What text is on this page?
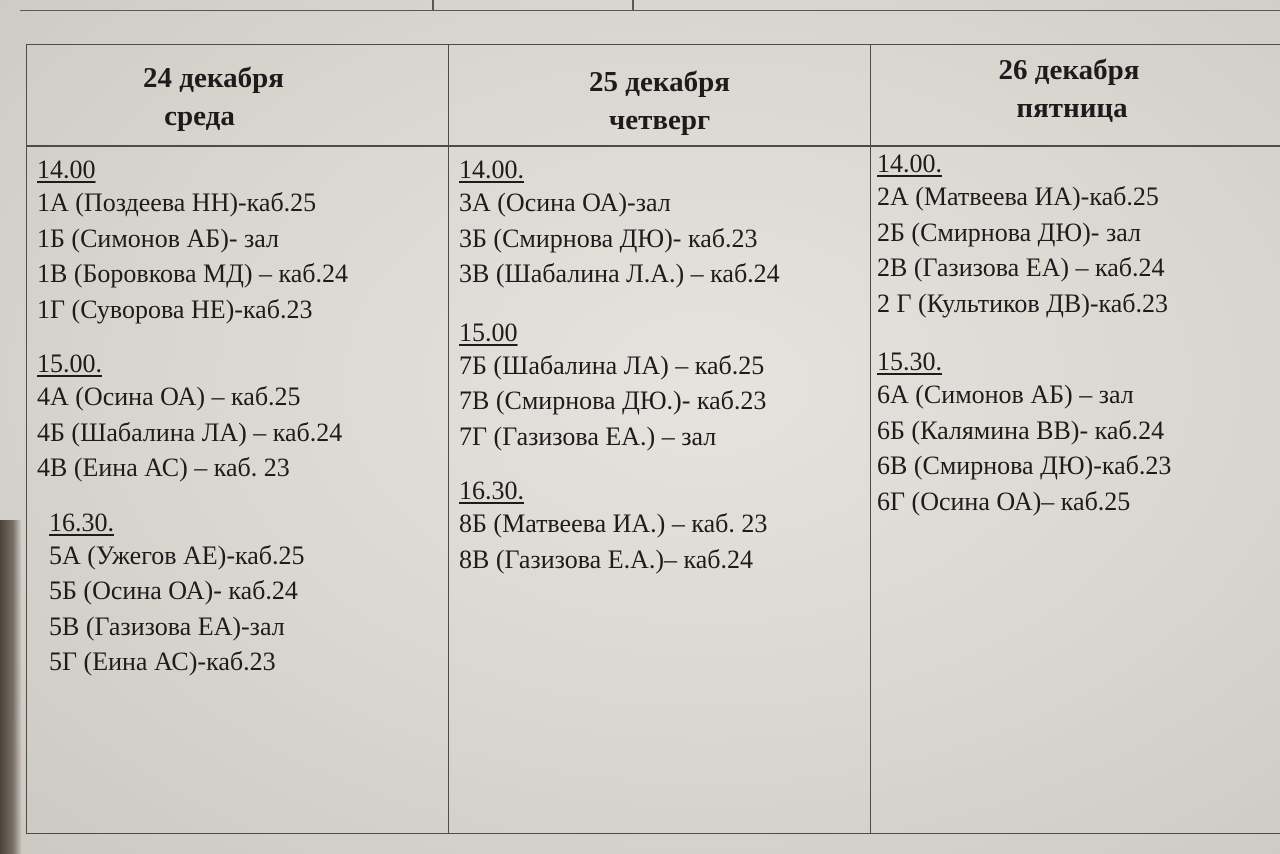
24 декабря
среда
14.00
1А (Поздеева НН)-каб.25
1Б (Симонов АБ)- зал
1В (Боровкова МД) – каб.24
1Г (Суворова НЕ)-каб.23
15.00.
4А (Осина ОА) – каб.25
4Б (Шабалина ЛА) – каб.24
4В (Еина АС) – каб. 23
16.30.
5А (Ужегов АЕ)-каб.25
5Б (Осина ОА)- каб.24
5В (Газизова ЕА)-зал
5Г (Еина АС)-каб.23
25 декабря
четверг
14.00.
3А (Осина ОА)-зал
3Б (Смирнова ДЮ)- каб.23
3В (Шабалина Л.А.) – каб.24
15.00
7Б (Шабалина ЛА) – каб.25
7В (Смирнова ДЮ.)- каб.23
7Г (Газизова ЕА.) – зал
16.30.
8Б (Матвеева ИА.) – каб. 23
8В (Газизова Е.А.)– каб.24
26 декабря
пятница
14.00.
2А (Матвеева ИА)-каб.25
2Б (Смирнова ДЮ)- зал
2В (Газизова ЕА) – каб.24
2 Г (Культиков ДВ)-каб.23
15.30.
6А (Симонов АБ) – зал
6Б (Калямина ВВ)- каб.24
6В (Смирнова ДЮ)-каб.23
6Г (Осина ОА)– каб.25
